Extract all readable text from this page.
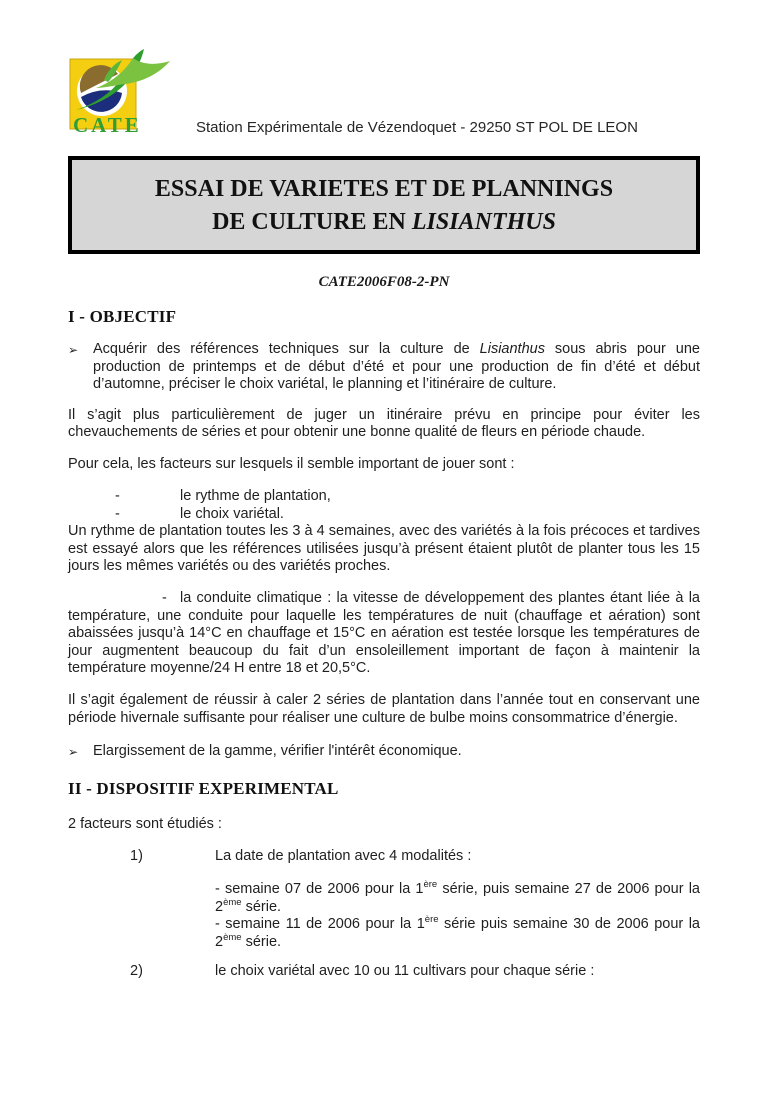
CATE	Station Expérimentale de Vézendoquet - 29250 ST POL DE LEON
ESSAI DE VARIETES ET DE PLANNINGS
DE CULTURE EN LISIANTHUS
CATE2006F08-2-PN
I - OBJECTIF
➢	Acquérir des références techniques sur la culture de Lisianthus sous abris pour une production de printemps et de début d’été et pour une production de fin d’été et début d’automne, préciser le choix variétal, le planning et l’itinéraire de culture.

Il s’agit plus particulièrement de juger un itinéraire prévu en principe pour éviter les chevauchements de séries et pour obtenir une bonne qualité de fleurs en période chaude.

Pour cela, les facteurs sur lesquels il semble important de jouer sont :

-	le rythme de plantation,
-	le choix variétal.

Un rythme de plantation toutes les 3 à 4 semaines, avec des variétés à la fois précoces et tardives est essayé alors que les références utilisées jusqu’à présent étaient plutôt de planter tous les 15 jours les mêmes variétés ou des variétés proches.

- la conduite climatique : la vitesse de développement des plantes étant liée à la température, une conduite pour laquelle les températures de nuit (chauffage et aération) sont abaissées jusqu’à 14°C en chauffage et 15°C en aération est testée lorsque les températures de jour augmentent beaucoup du fait d’un ensoleillement important de façon à maintenir la température moyenne/24 H entre 18 et 20,5°C.

Il s’agit également de réussir à caler 2 séries de plantation dans l’année tout en conservant une période hivernale suffisante pour réaliser une culture de bulbe moins consommatrice d’énergie.

➢	Elargissement de la gamme, vérifier l'intérêt économique.
II - DISPOSITIF EXPERIMENTAL

2 facteurs sont étudiés :

1)	La date de plantation avec 4 modalités :
- semaine 07 de 2006 pour la 1ère série, puis semaine 27 de 2006 pour la 2ème série.
- semaine 11 de 2006 pour la 1ère série puis semaine 30 de 2006 pour la 2ème série.
2)	le choix variétal avec 10 ou 11 cultivars pour chaque série :
